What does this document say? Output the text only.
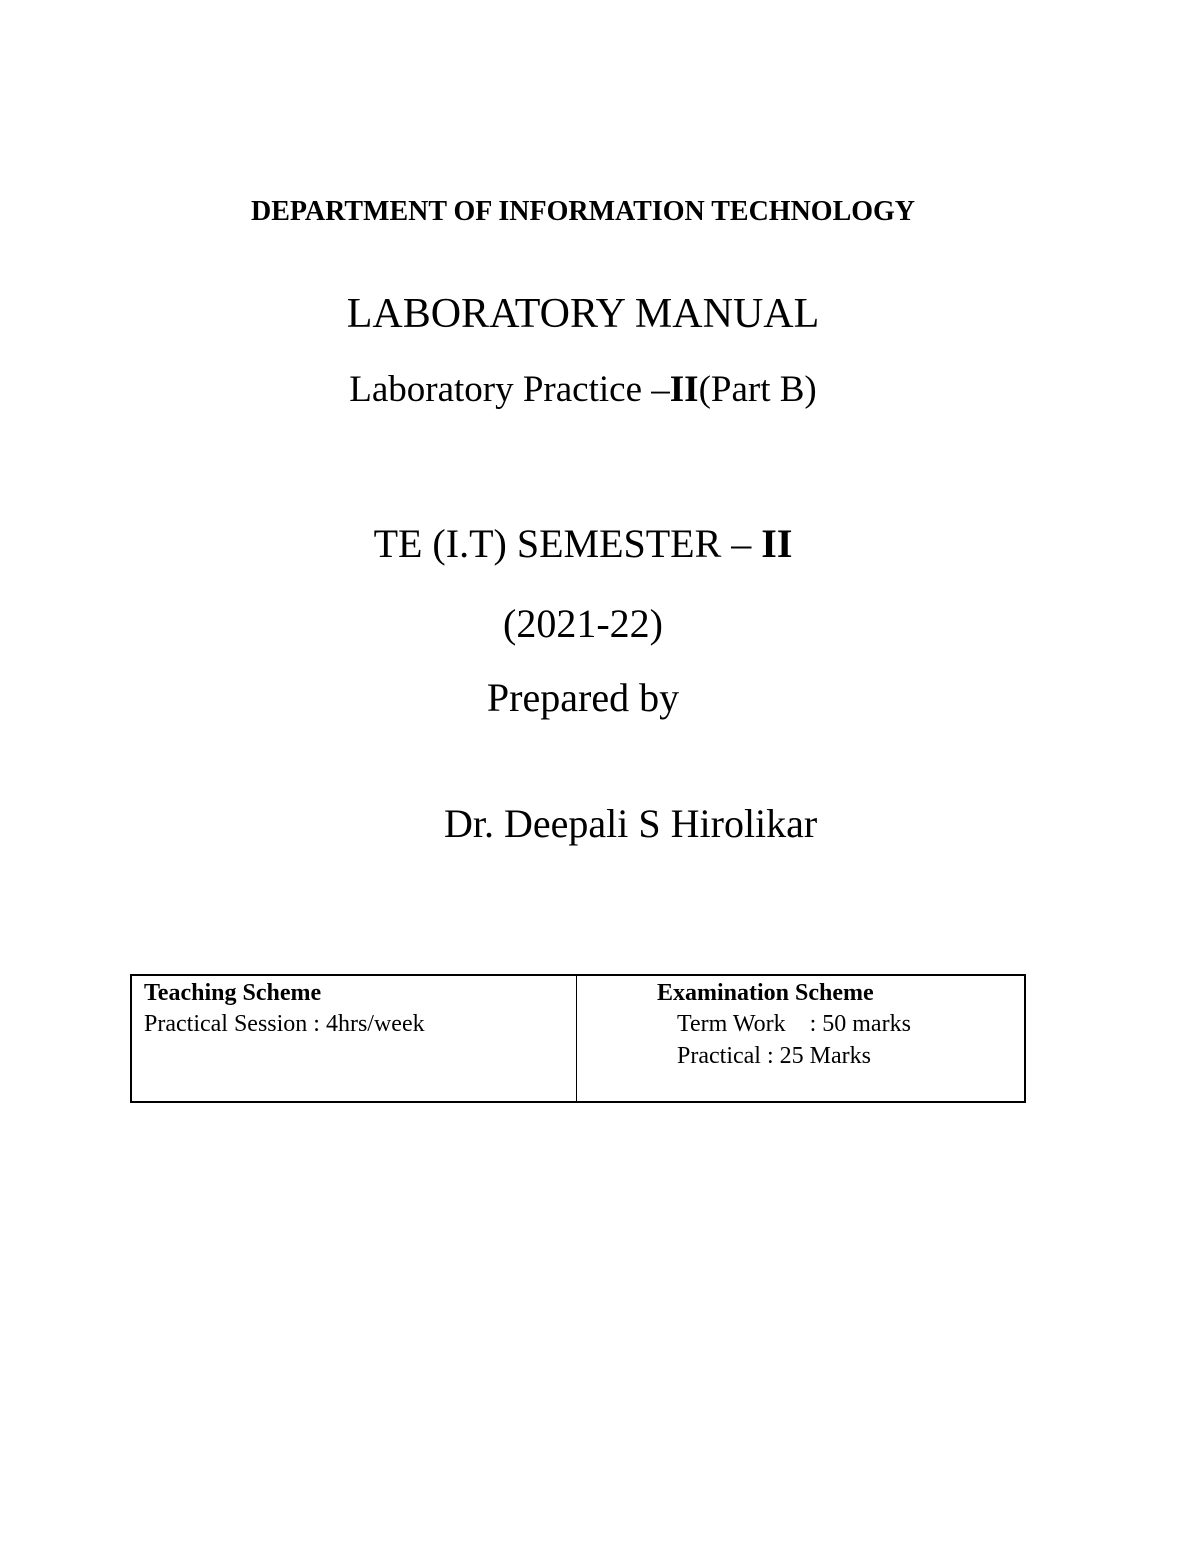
DEPARTMENT OF INFORMATION TECHNOLOGY
LABORATORY MANUAL
Laboratory Practice –II(Part B)
TE (I.T) SEMESTER – II
(2021-22)
Prepared by
Dr. Deepali S Hirolikar
Teaching Scheme
Practical Session : 4hrs/week
Examination Scheme
Term Work    : 50 marks
Practical : 25 Marks
